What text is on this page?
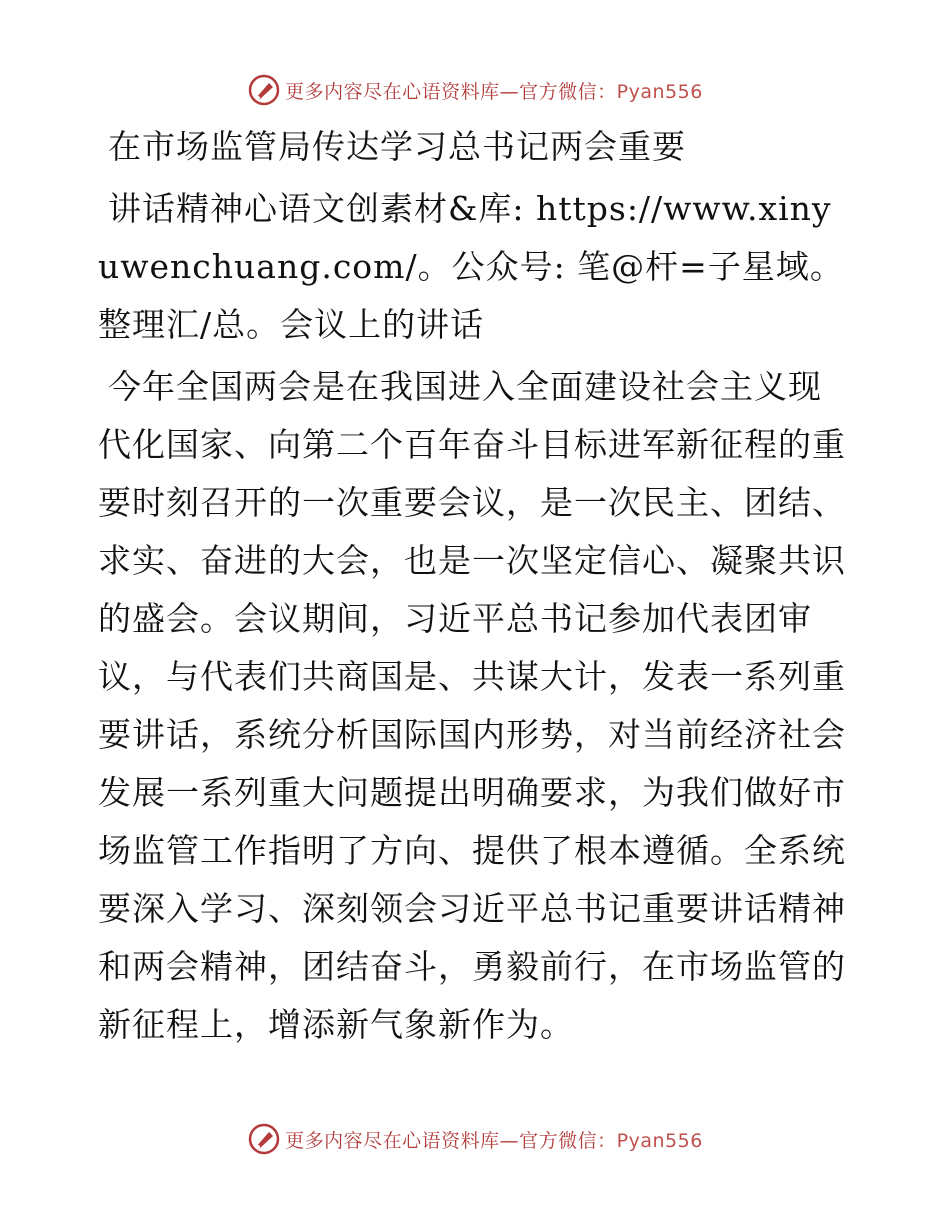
更多内容尽在心语资料库—官方微信：Pyan556

在市场监管局传达学习总书记两会重要

讲话精神心语文创素材&库: https://www.xinyuwenchuang.com/。公众号: 笔@杆=子星域。整理汇/总。会议上的讲话

今年全国两会是在我国进入全面建设社会主义现代化国家、向第二个百年奋斗目标进军新征程的重要时刻召开的一次重要会议，是一次民主、团结、求实、奋进的大会，也是一次坚定信心、凝聚共识的盛会。会议期间，习近平总书记参加代表团审议，与代表们共商国是、共谋大计，发表一系列重要讲话，系统分析国际国内形势，对当前经济社会发展一系列重大问题提出明确要求，为我们做好市场监管工作指明了方向、提供了根本遵循。全系统要深入学习、深刻领会习近平总书记重要讲话精神和两会精神，团结奋斗，勇毅前行，在市场监管的新征程上，增添新气象新作为。

更多内容尽在心语资料库—官方微信：Pyan556
